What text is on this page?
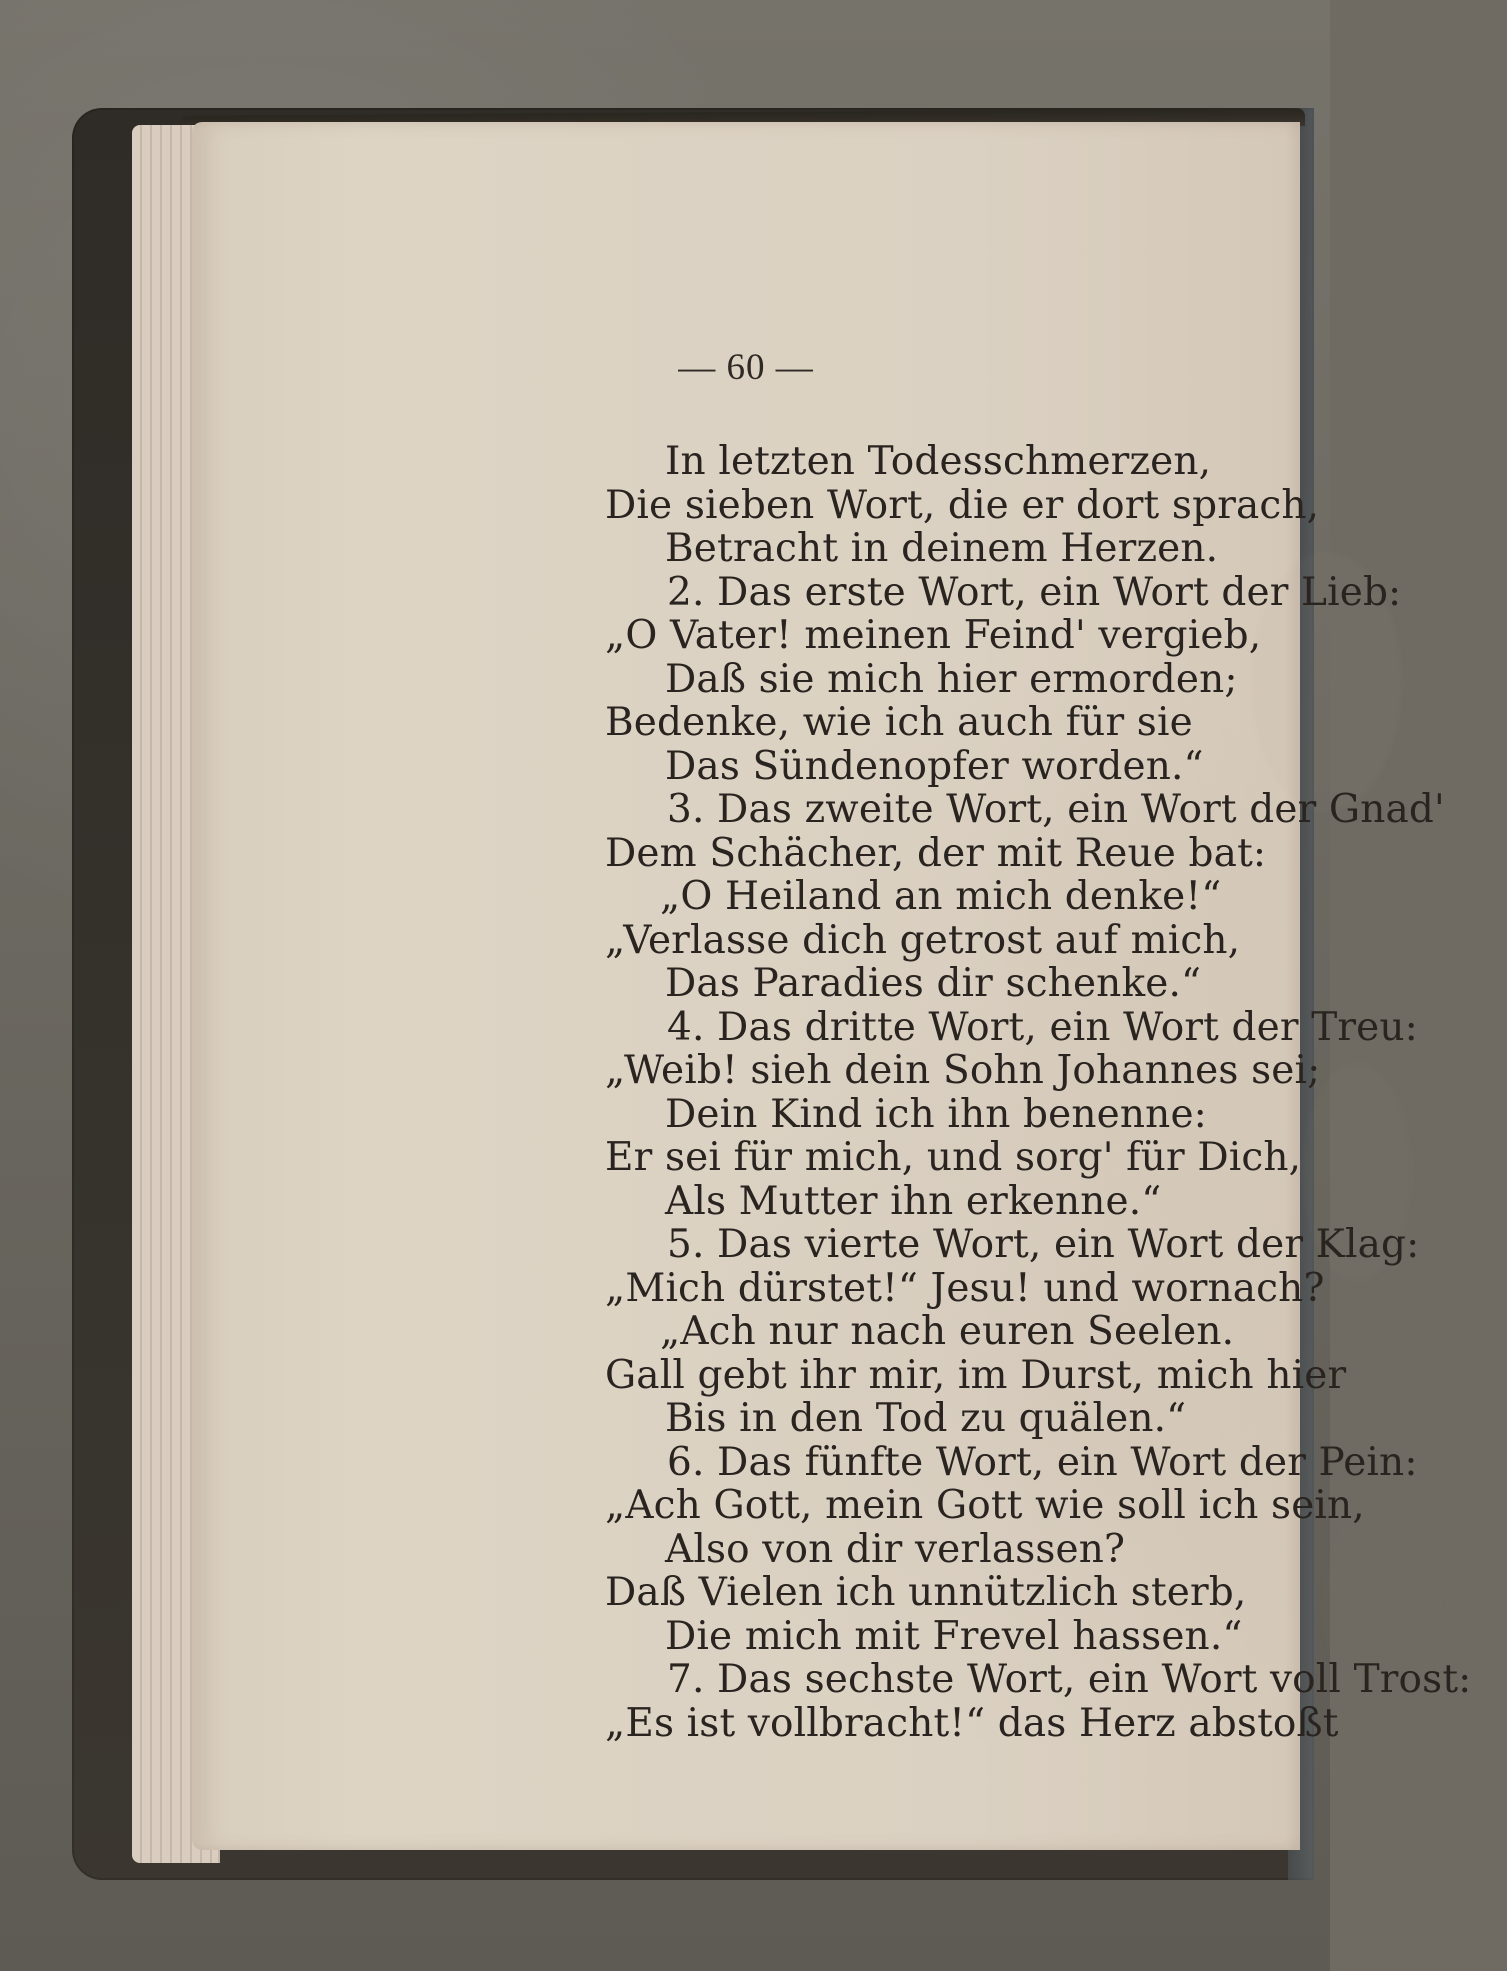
— 60 —
In letzten Todesschmerzen,
Die sieben Wort, die er dort sprach,
Betracht in deinem Herzen.
2. Das erste Wort, ein Wort der Lieb:
„O Vater! meinen Feind' vergieb,
Daß sie mich hier ermorden;
Bedenke, wie ich auch für sie
Das Sündenopfer worden.“
3. Das zweite Wort, ein Wort der Gnad'
Dem Schächer, der mit Reue bat:
„O Heiland an mich denke!“
„Verlasse dich getrost auf mich,
Das Paradies dir schenke.“
4. Das dritte Wort, ein Wort der Treu:
„Weib! sieh dein Sohn Johannes sei;
Dein Kind ich ihn benenne:
Er sei für mich, und sorg' für Dich,
Als Mutter ihn erkenne.“
5. Das vierte Wort, ein Wort der Klag:
„Mich dürstet!“ Jesu! und wornach?
„Ach nur nach euren Seelen.
Gall gebt ihr mir, im Durst, mich hier
Bis in den Tod zu quälen.“
6. Das fünfte Wort, ein Wort der Pein:
„Ach Gott, mein Gott wie soll ich sein,
Also von dir verlassen?
Daß Vielen ich unnützlich sterb,
Die mich mit Frevel hassen.“
7. Das sechste Wort, ein Wort voll Trost:
„Es ist vollbracht!“ das Herz abstoßt
